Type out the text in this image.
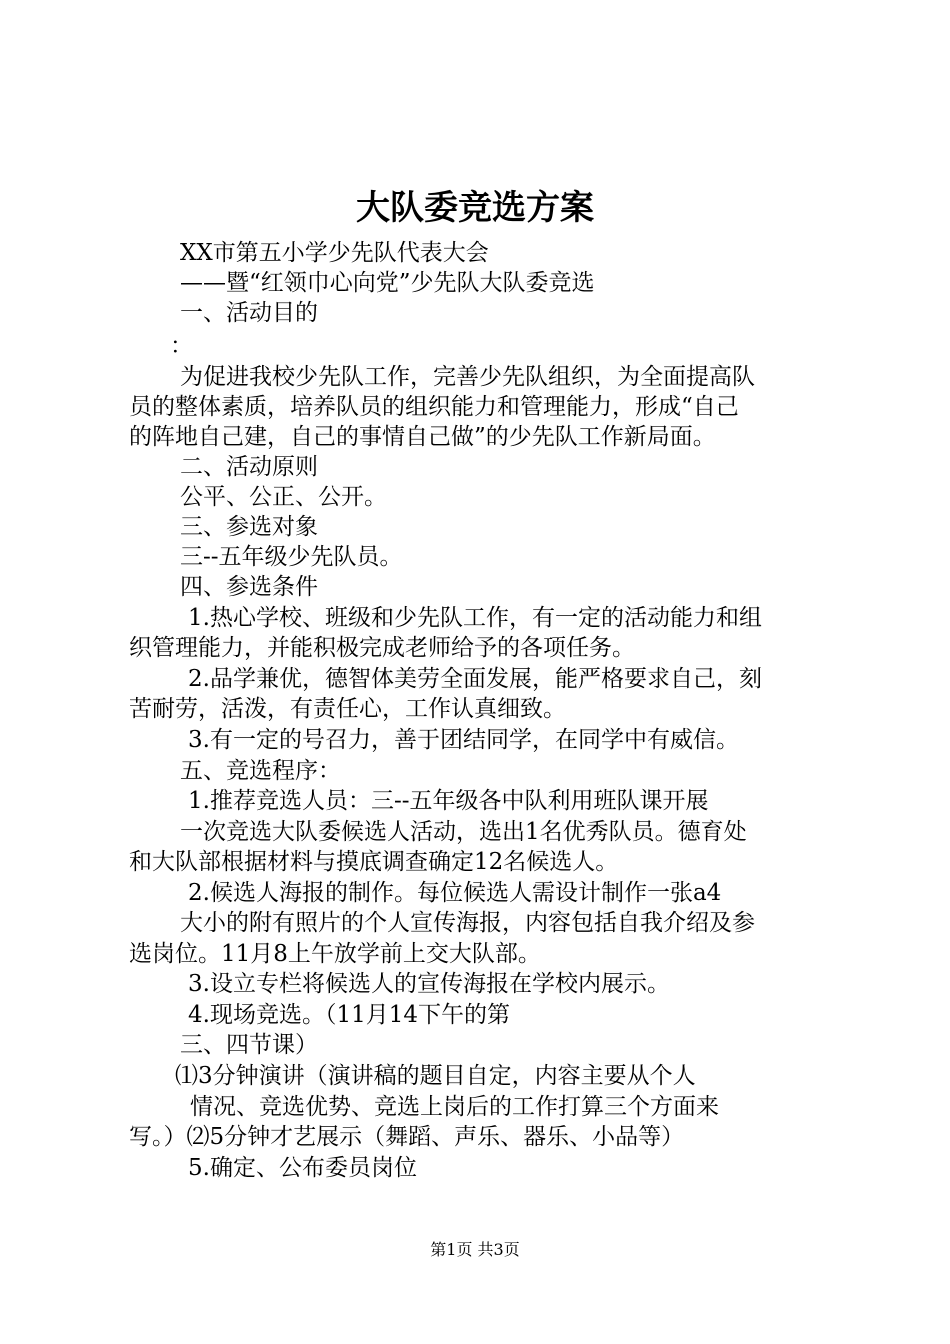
大队委竞选方案

XX市第五小学少先队代表大会

——暨“红领巾心向党”少先队大队委竞选

一、活动目的

：

为促进我校少先队工作，完善少先队组织，为全面提高队

员的整体素质，培养队员的组织能力和管理能力，形成“自己

的阵地自己建，自己的事情自己做”的少先队工作新局面。

二、活动原则

公平、公正、公开。

三、参选对象

三--五年级少先队员。

四、参选条件

1.热心学校、班级和少先队工作，有一定的活动能力和组

织管理能力，并能积极完成老师给予的各项任务。

2.品学兼优，德智体美劳全面发展，能严格要求自己，刻

苦耐劳，活泼，有责任心，工作认真细致。

3.有一定的号召力，善于团结同学，在同学中有威信。

五、竞选程序：

1.推荐竞选人员：三--五年级各中队利用班队课开展

一次竞选大队委候选人活动，选出1名优秀队员。德育处

和大队部根据材料与摸底调查确定12名候选人。

2.候选人海报的制作。每位候选人需设计制作一张a4

大小的附有照片的个人宣传海报，内容包括自我介绍及参

选岗位。11月8上午放学前上交大队部。

3.设立专栏将候选人的宣传海报在学校内展示。

4.现场竞选。（11月14下午的第

三、四节课）

⑴3分钟演讲（演讲稿的题目自定，内容主要从个人

情况、竞选优势、竞选上岗后的工作打算三个方面来

写。）⑵5分钟才艺展示（舞蹈、声乐、器乐、小品等）

5.确定、公布委员岗位

第1页 共3页
